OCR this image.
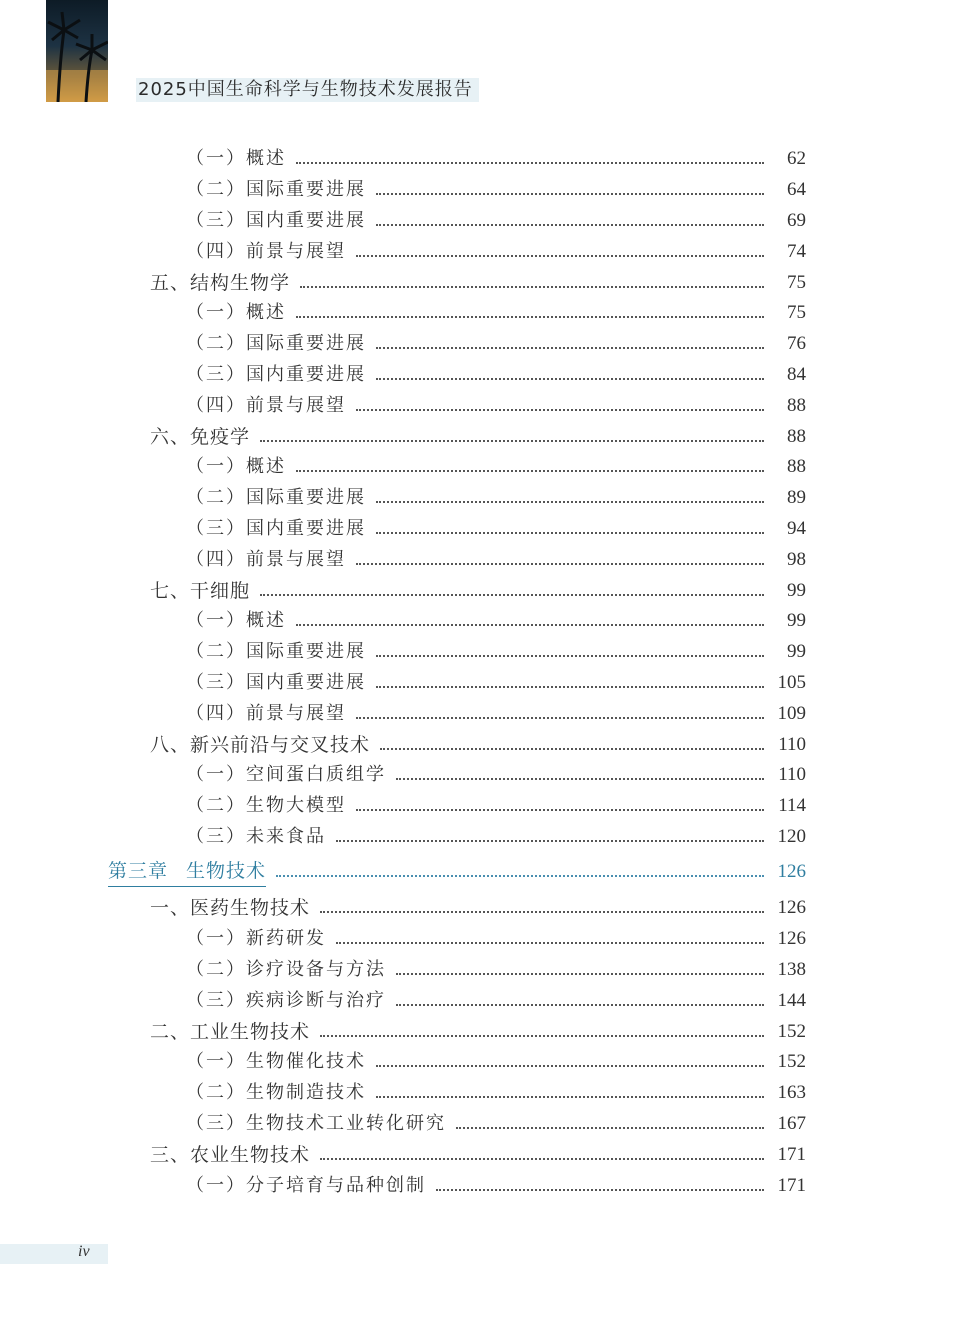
2025中国生命科学与生物技术发展报告
（一）概述	62
（二）国际重要进展	64
（三）国内重要进展	69
（四）前景与展望	74
五、结构生物学	75
（一）概述	75
（二）国际重要进展	76
（三）国内重要进展	84
（四）前景与展望	88
六、免疫学	88
（一）概述	88
（二）国际重要进展	89
（三）国内重要进展	94
（四）前景与展望	98
七、干细胞	99
（一）概述	99
（二）国际重要进展	99
（三）国内重要进展	105
（四）前景与展望	109
八、新兴前沿与交叉技术	110
（一）空间蛋白质组学	110
（二）生物大模型	114
（三）未来食品	120
第三章 生物技术	126
一、医药生物技术	126
（一）新药研发	126
（二）诊疗设备与方法	138
（三）疾病诊断与治疗	144
二、工业生物技术	152
（一）生物催化技术	152
（二）生物制造技术	163
（三）生物技术工业转化研究	167
三、农业生物技术	171
（一）分子培育与品种创制	171
iv
